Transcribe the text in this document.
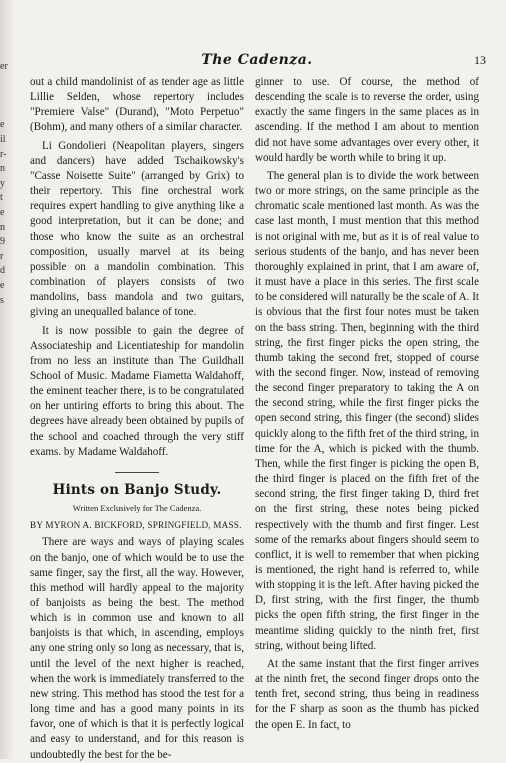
er
e
il
r-
n
y
t
e
n
9
r
d
e
s
The Cadenza.	13

out a child mandolinist of as tender age as little Lillie Selden, whose repertory includes "Premiere Valse" (Durand), "Moto Perpetuo" (Bohm), and many others of a similar character.

Li Gondolieri (Neapolitan players, singers and dancers) have added Tschaikowsky's "Casse Noisette Suite" (arranged by Grix) to their repertory. This fine orchestral work requires expert handling to give anything like a good interpretation, but it can be done; and those who know the suite as an orchestral composition, usually marvel at its being possible on a mandolin combination. This combination of players consists of two mandolins, bass mandola and two guitars, giving an unequalled balance of tone.

It is now possible to gain the degree of Associateship and Licentiateship for mandolin from no less an institute than The Guildhall School of Music. Madame Fiametta Waldahoff, the eminent teacher there, is to be congratulated on her untiring efforts to bring this about. The degrees have already been obtained by pupils of the school and coached through the very stiff exams. by Madame Waldahoff.

Hints on Banjo Study.
Written Exclusively for The Cadenza.
BY MYRON A. BICKFORD, SPRINGFIELD, MASS.

There are ways and ways of playing scales on the banjo, one of which would be to use the same finger, say the first, all the way. However, this method will hardly appeal to the majority of banjoists as being the best. The method which is in common use and known to all banjoists is that which, in ascending, employs any one string only so long as necessary, that is, until the level of the next higher is reached, when the work is immediately transferred to the new string. This method has stood the test for a long time and has a good many points in its favor, one of which is that it is perfectly logical and easy to understand, and for this reason is undoubtedly the best for the be-

ginner to use. Of course, the method of descending the scale is to reverse the order, using exactly the same fingers in the same places as in ascending. If the method I am about to mention did not have some advantages over every other, it would hardly be worth while to bring it up.

The general plan is to divide the work between two or more strings, on the same principle as the chromatic scale mentioned last month. As was the case last month, I must mention that this method is not original with me, but as it is of real value to serious students of the banjo, and has never been thoroughly explained in print, that I am aware of, it must have a place in this series. The first scale to be considered will naturally be the scale of A. It is obvious that the first four notes must be taken on the bass string. Then, beginning with the third string, the first finger picks the open string, the thumb taking the second fret, stopped of course with the second finger. Now, instead of removing the second finger preparatory to taking the A on the second string, while the first finger picks the open second string, this finger (the second) slides quickly along to the fifth fret of the third string, in time for the A, which is picked with the thumb. Then, while the first finger is picking the open B, the third finger is placed on the fifth fret of the second string, the first finger taking D, third fret on the first string, these notes being picked respectively with the thumb and first finger. Lest some of the remarks about fingers should seem to conflict, it is well to remember that when picking is mentioned, the right hand is referred to, while with stopping it is the left. After having picked the D, first string, with the first finger, the thumb picks the open fifth string, the first finger in the meantime sliding quickly to the ninth fret, first string, without being lifted.

At the same instant that the first finger arrives at the ninth fret, the second finger drops onto the tenth fret, second string, thus being in readiness for the F sharp as soon as the thumb has picked the open E. In fact, to
